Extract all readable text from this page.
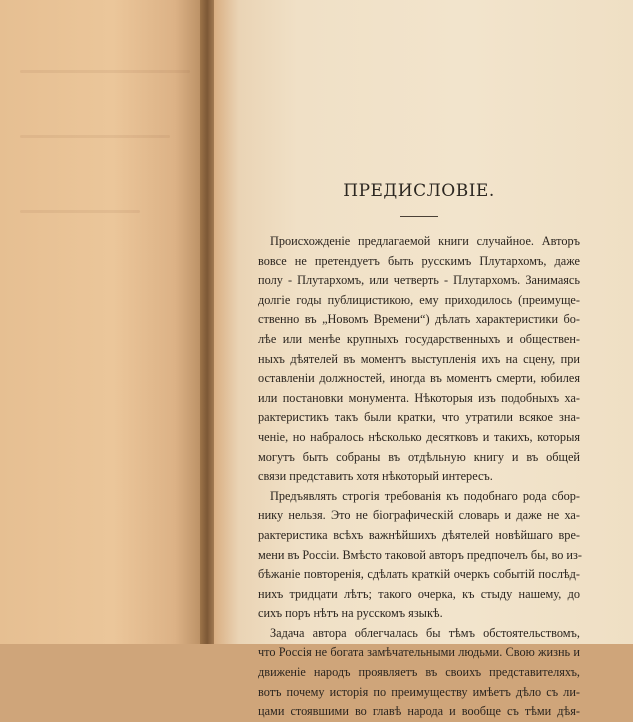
ПРЕДИСЛОВІЕ.
Происхожденіе предлагаемой книги случайное. Авторъ
вовсе не претендуетъ быть русскимъ Плутархомъ, даже
полу - Плутархомъ, или четверть - Плутархомъ. Занимаясь
долгіе годы публицистикою, ему приходилось (преимуще-
ственно въ „Новомъ Времени“) дѣлать характеристики бо-
лѣе или менѣе крупныхъ государственныхъ и обществен-
ныхъ дѣятелей въ моментъ выступленія ихъ на сцену, при
оставленіи должностей, иногда въ моментъ смерти, юбилея
или постановки монумента. Нѣкоторыя изъ подобныхъ ха-
рактеристикъ такъ были кратки, что утратили всякое зна-
ченіе, но набралось нѣсколько десятковъ и такихъ, которыя
могутъ быть собраны въ отдѣльную книгу и въ общей
связи представить хотя нѣкоторый интересъ.
Предъявлять строгія требованія къ подобнаго рода сбор-
нику нельзя. Это не біографическій словарь и даже не ха-
рактеристика всѣхъ важнѣйшихъ дѣятелей новѣйшаго вре-
мени въ Россіи. Вмѣсто таковой авторъ предпочелъ бы, во из-
бѣжаніе повторенія, сдѣлать краткій очеркъ событій послѣд-
нихъ тридцати лѣтъ; такого очерка, къ стыду нашему, до
сихъ поръ нѣтъ на русскомъ языкѣ.
Задача автора облегчалась бы тѣмъ обстоятельствомъ,
что Россія не богата замѣчательными людьми. Свою жизнь и
движеніе народъ проявляетъ въ своихъ представителяхъ,
вотъ почему исторія по преимуществу имѣетъ дѣло съ ли-
цами стоявшими во главѣ народа и вообще съ тѣми дѣя-
